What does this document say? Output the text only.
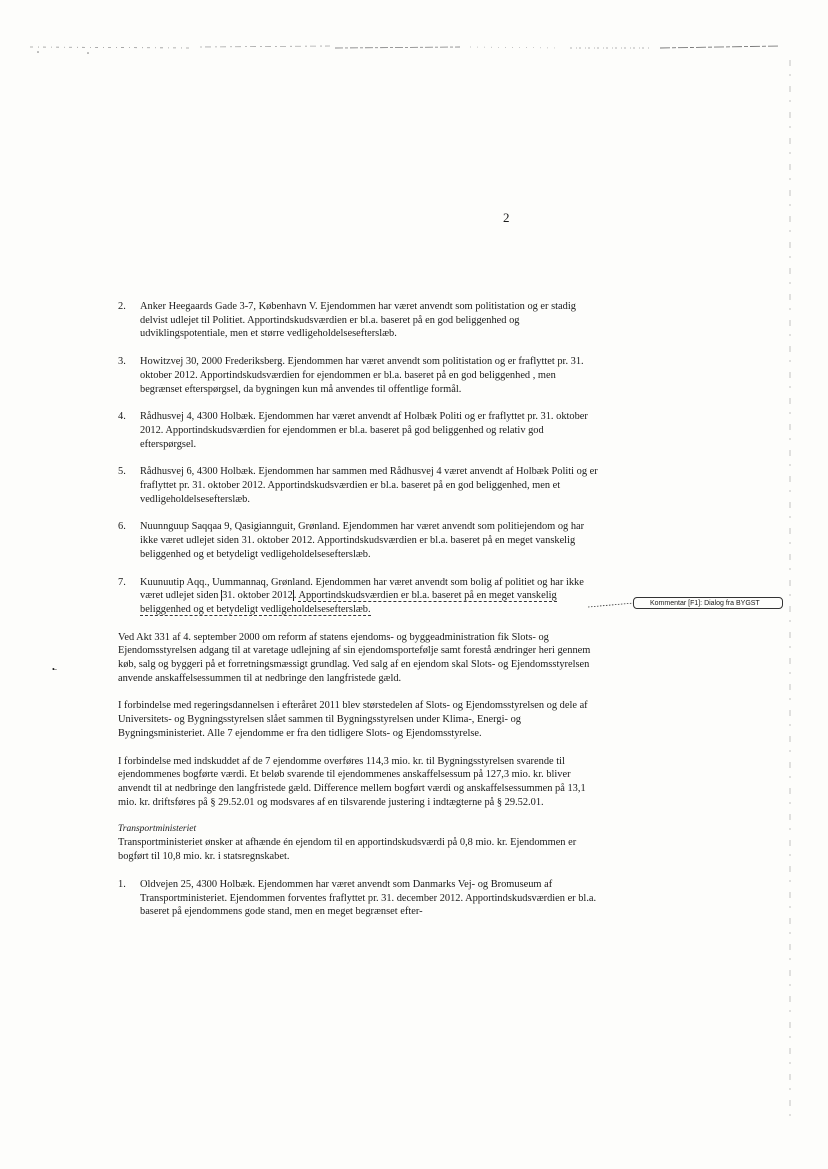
2
2.	Anker Heegaards Gade 3-7, København V. Ejendommen har været anvendt som politistation og er stadig delvist udlejet til Politiet. Apportindskudsværdien er bl.a. baseret på en god beliggenhed og udviklingspotentiale, men et større vedligeholdelsesefterslæb.
3.	Howitzvej 30, 2000 Frederiksberg. Ejendommen har været anvendt som politistation og er fraflyttet pr. 31. oktober 2012. Apportindskudsværdien for ejendommen er bl.a. baseret på en god beliggenhed , men begrænset efterspørgsel, da bygningen kun må anvendes til offentlige formål.
4.	Rådhusvej 4, 4300 Holbæk. Ejendommen har været anvendt af Holbæk Politi og er fraflyttet pr. 31. oktober 2012. Apportindskudsværdien for ejendommen er bl.a. baseret på god beliggenhed og relativ god efterspørgsel.
5.	Rådhusvej 6, 4300 Holbæk. Ejendommen har sammen med Rådhusvej 4 været anvendt af Holbæk Politi og er fraflyttet pr. 31. oktober 2012. Apportindskudsværdien er bl.a. baseret på en god beliggenhed, men et vedligeholdelsesefterslæb.
6.	Nuunnguup Saqqaa 9, Qasigiannguit, Grønland. Ejendommen har været anvendt som politiejendom og har ikke været udlejet siden 31. oktober 2012. Apportindskudsværdien er bl.a. baseret på en meget vanskelig beliggenhed og et betydeligt vedligeholdelsesefterslæb.
7.	Kuunuutip Aqq., Uummannaq, Grønland. Ejendommen har været anvendt som bolig af politiet og har ikke været udlejet siden 31. oktober 2012. Apportindskudsværdien er bl.a. baseret på en meget vanskelig beliggenhed og et betydeligt vedligeholdelsesefterslæb.

Ved Akt 331 af 4. september 2000 om reform af statens ejendoms- og byggeadministration fik Slots- og Ejendomsstyrelsen adgang til at varetage udlejning af sin ejendomsportefølje samt forestå ændringer heri gennem køb, salg og byggeri på et forretningsmæssigt grundlag. Ved salg af en ejendom skal Slots- og Ejendomsstyrelsen anvende anskaffelsessummen til at nedbringe den langfristede gæld.

I forbindelse med regeringsdannelsen i efteråret 2011 blev størstedelen af Slots- og Ejendomsstyrelsen og dele af Universitets- og Bygningsstyrelsen slået sammen til Bygningsstyrelsen under Klima-, Energi- og Bygningsministeriet. Alle 7 ejendomme er fra den tidligere Slots- og Ejendomsstyrelse.

I forbindelse med indskuddet af de 7 ejendomme overføres 114,3 mio. kr. til Bygningsstyrelsen svarende til ejendommenes bogførte værdi. Et beløb svarende til ejendommenes anskaffelsessum på 127,3 mio. kr. bliver anvendt til at nedbringe den langfristede gæld. Difference mellem bogført værdi og anskaffelsessummen på 13,1 mio. kr. driftsføres på § 29.52.01 og modsvares af en tilsvarende justering i indtægterne på § 29.52.01.

Transportministeriet

Transportministeriet ønsker at afhænde én ejendom til en apportindskudsværdi på 0,8 mio. kr. Ejendommen er bogført til 10,8 mio. kr. i statsregnskabet.

1.	Oldvejen 25, 4300 Holbæk. Ejendommen har været anvendt som Danmarks Vej- og Bromuseum af Transportministeriet. Ejendommen forventes fraflyttet pr. 31. december 2012. Apportindskudsværdien er bl.a. baseret på ejendommens gode stand, men en meget begrænset efter-
Kommentar [F1]: Dialog fra BYGST
•̶
